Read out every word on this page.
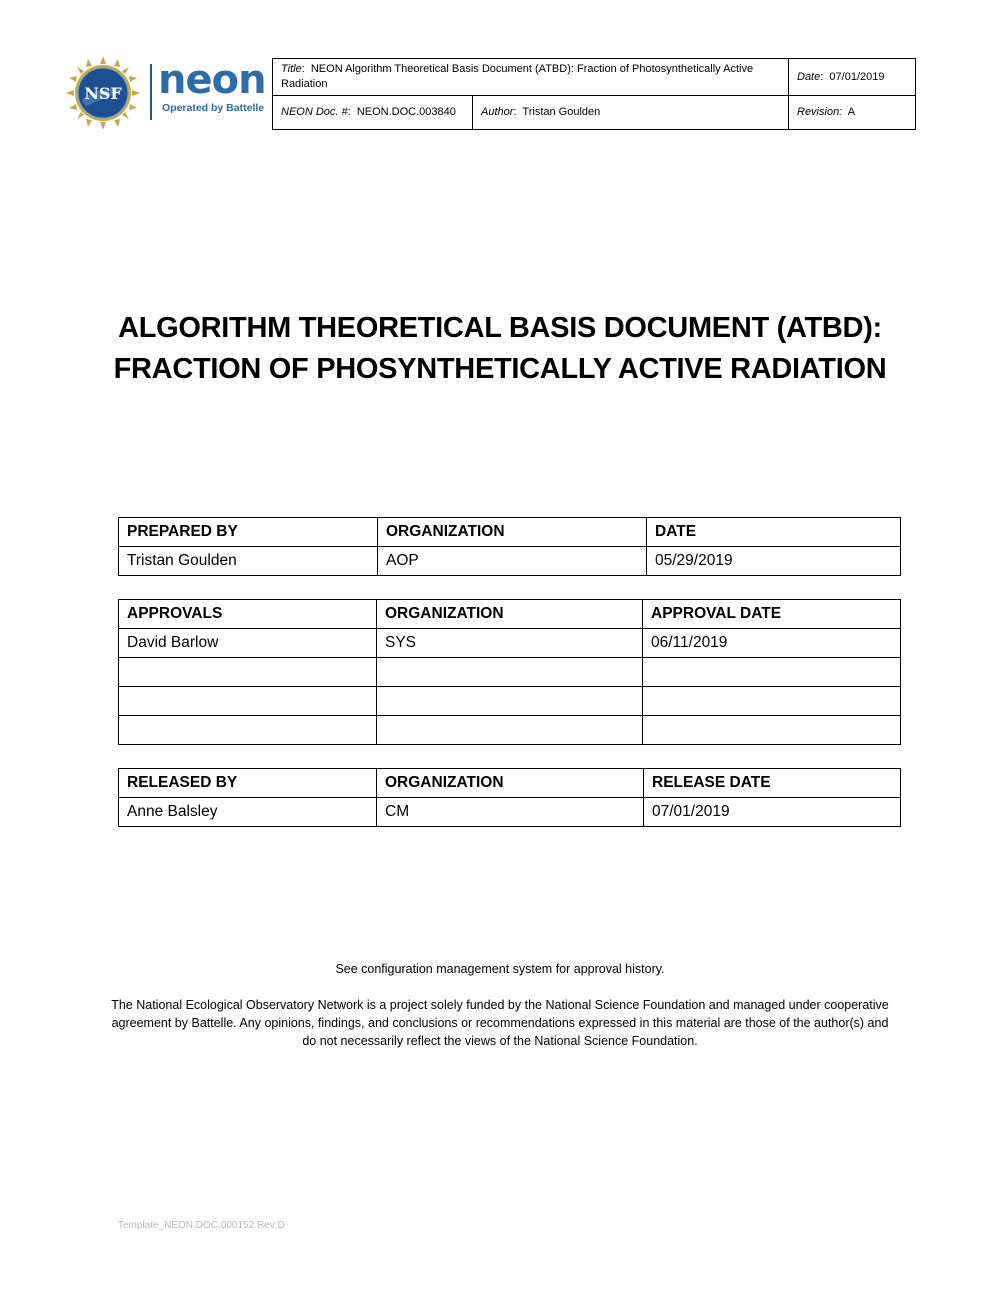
NSF neon
Operated by Battelle
Title:  NEON Algorithm Theoretical Basis Document (ATBD): Fraction of Photosynthetically Active Radiation		Date:  07/01/2019
NEON Doc. #:  NEON.DOC.003840	Author:  Tristan Goulden	Revision: A
ALGORITHM THEORETICAL BASIS DOCUMENT (ATBD):
FRACTION OF PHOSYNTHETICALLY ACTIVE RADIATION
PREPARED BY	ORGANIZATION	DATE
Tristan Goulden	AOP	05/29/2019
APPROVALS	ORGANIZATION	APPROVAL DATE
David Barlow	SYS	06/11/2019

RELEASED BY	ORGANIZATION	RELEASE DATE
Anne Balsley	CM	07/01/2019
See configuration management system for approval history.
The National Ecological Observatory Network is a project solely funded by the National Science Foundation and managed under cooperative agreement by Battelle. Any opinions, findings, and conclusions or recommendations expressed in this material are those of the author(s) and do not necessarily reflect the views of the National Science Foundation.
Template_NEON.DOC.000152 Rev D
